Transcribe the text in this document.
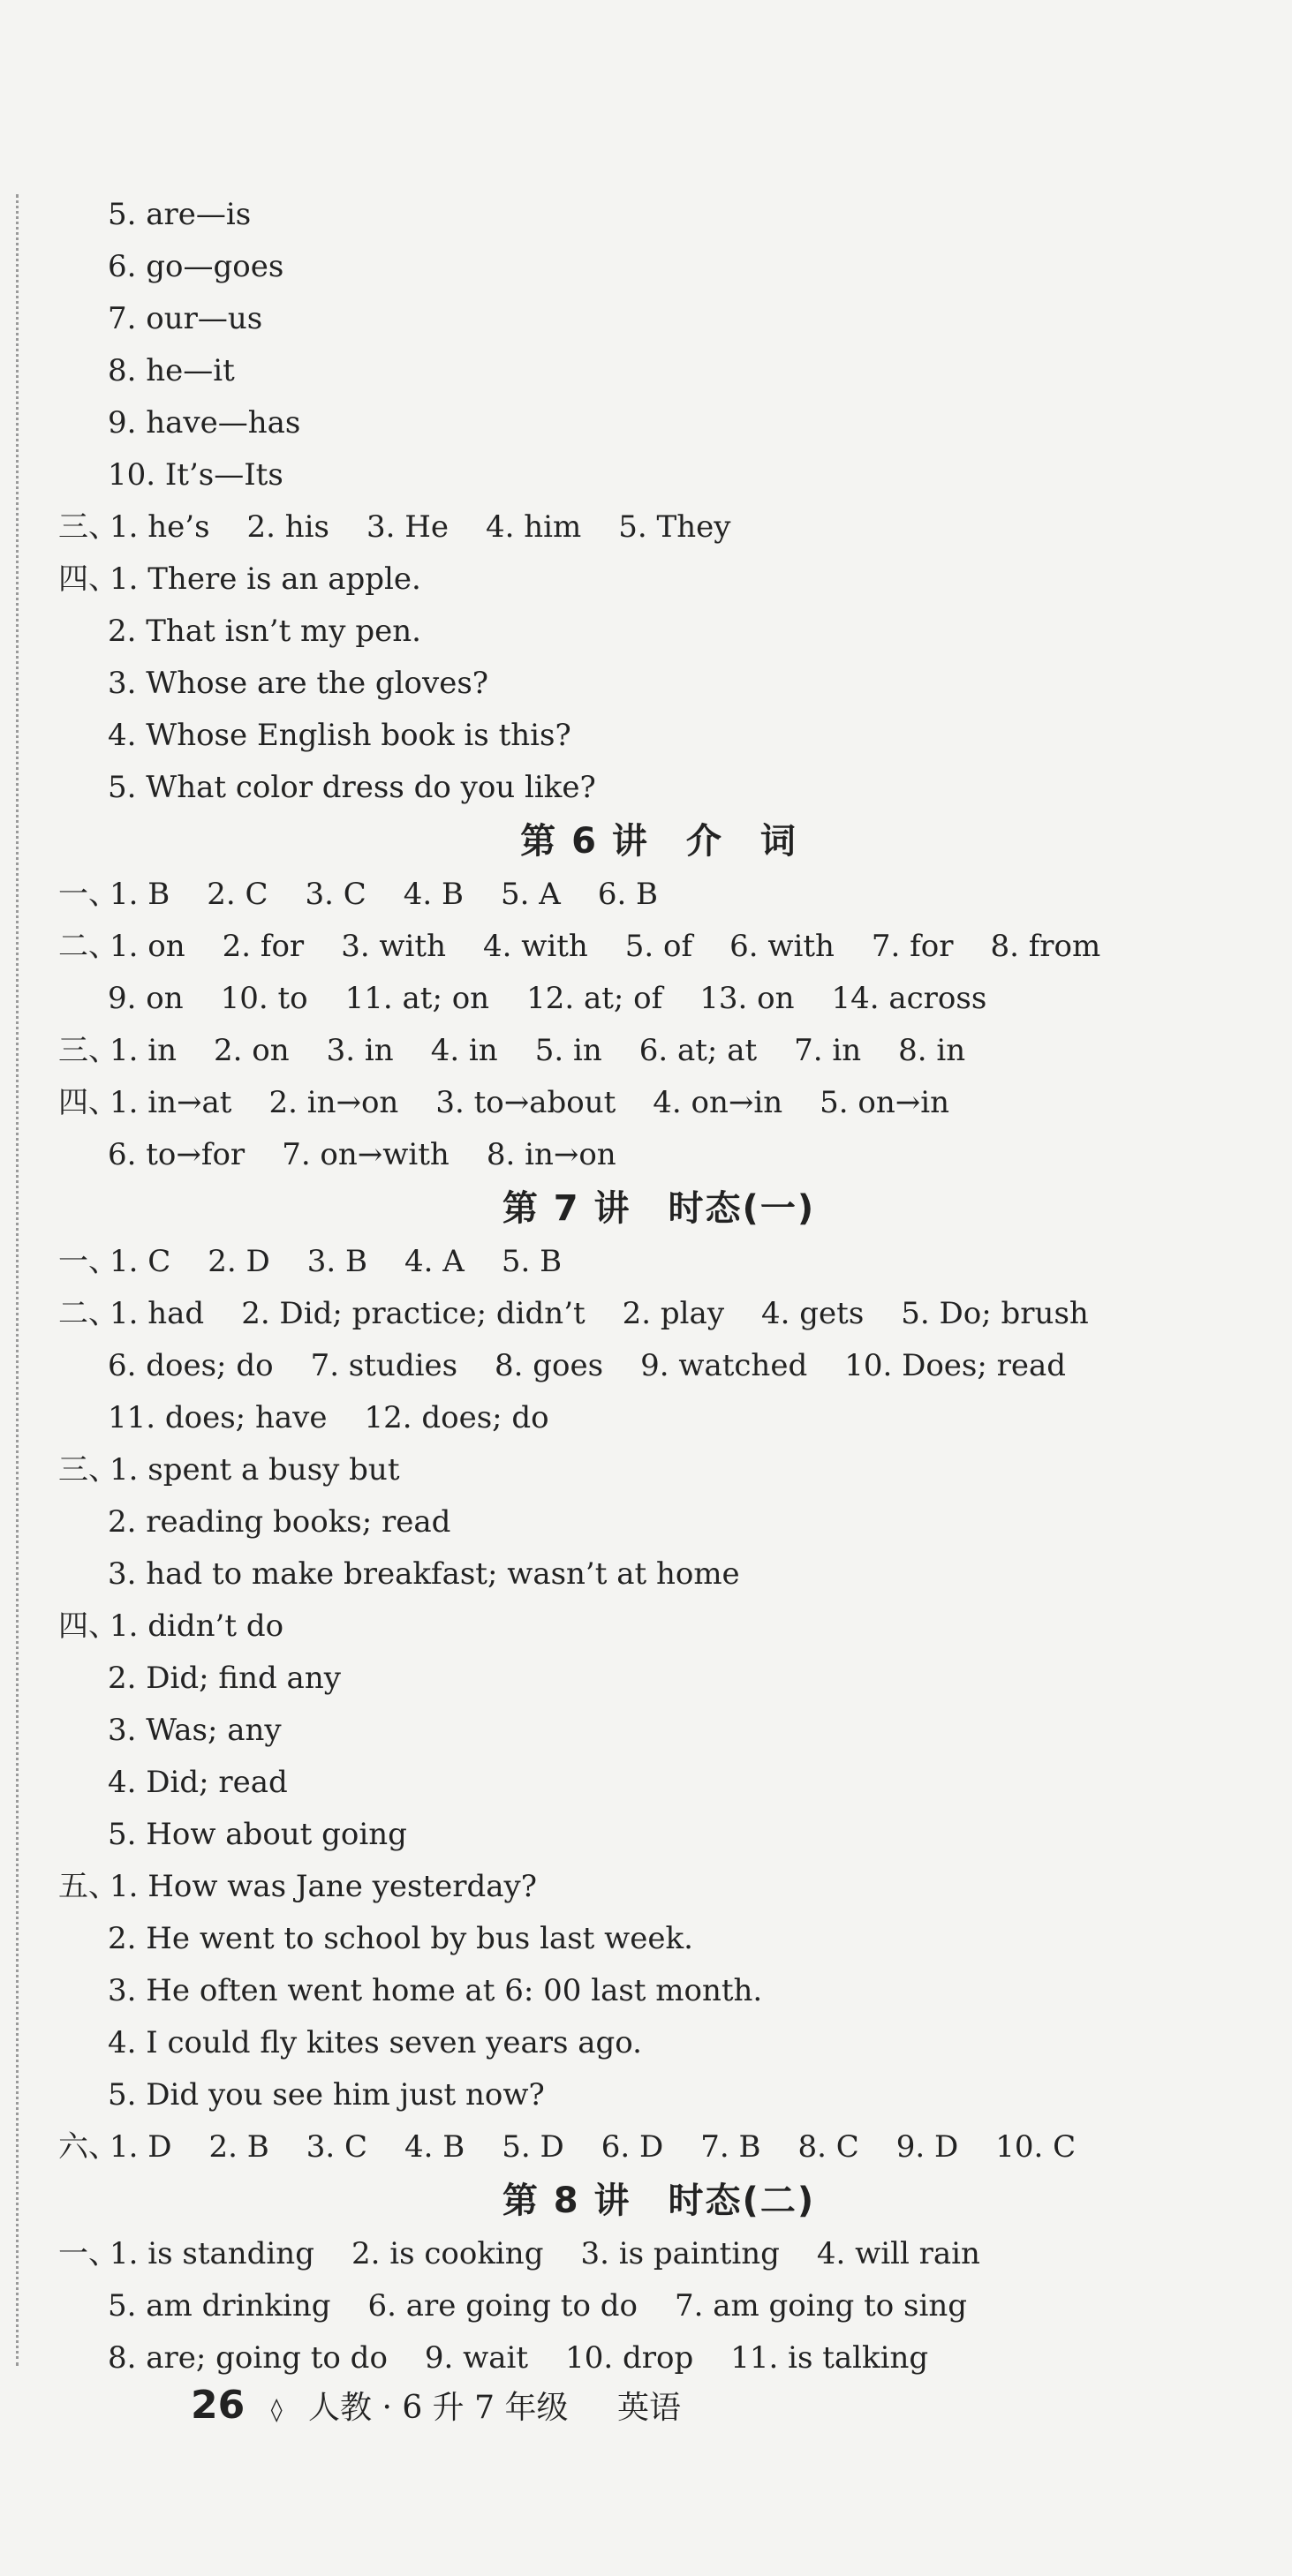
5. are—is
6. go—goes
7. our—us
8. he—it
9. have—has
10. It’s—Its
三、1. he’s 2. his 3. He 4. him 5. They
四、1. There is an apple.
2. That isn’t my pen.
3. Whose are the gloves?
4. Whose English book is this?
5. What color dress do you like?
第 6 讲　介　词
一、1. B 2. C 3. C 4. B 5. A 6. B
二、1. on 2. for 3. with 4. with 5. of 6. with 7. for 8. from
9. on 10. to 11. at; on 12. at; of 13. on 14. across
三、1. in 2. on 3. in 4. in 5. in 6. at; at 7. in 8. in
四、1. in→at 2. in→on 3. to→about 4. on→in 5. on→in
6. to→for 7. on→with 8. in→on
第 7 讲　时态(一)
一、1. C 2. D 3. B 4. A 5. B
二、1. had 2. Did; practice; didn’t 2. play 4. gets 5. Do; brush
6. does; do 7. studies 8. goes 9. watched 10. Does; read
11. does; have 12. does; do
三、1. spent a busy but
2. reading books; read
3. had to make breakfast; wasn’t at home
四、1. didn’t do
2. Did; find any
3. Was; any
4. Did; read
5. How about going
五、1. How was Jane yesterday?
2. He went to school by bus last week.
3. He often went home at 6: 00 last month.
4. I could fly kites seven years ago.
5. Did you see him just now?
六、1. D 2. B 3. C 4. B 5. D 6. D 7. B 8. C 9. D 10. C
第 8 讲　时态(二)
一、1. is standing 2. is cooking 3. is painting 4. will rain
5. am drinking 6. are going to do 7. am going to sing
8. are; going to do 9. wait 10. drop 11. is talking
26 ◊ 人教 · 6 升 7 年级 英语
